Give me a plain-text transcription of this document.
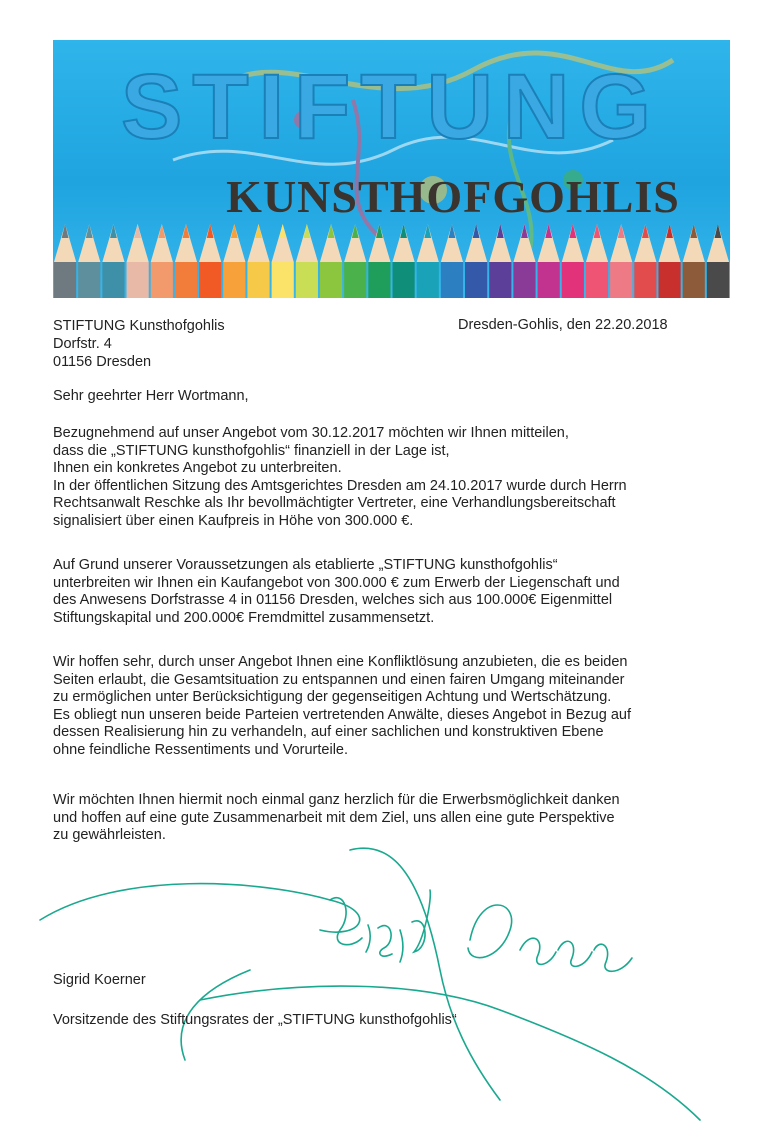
STIFTUNG
KUNSTHOFGOHLIS
STIFTUNG Kunsthofgohlis
Dorfstr. 4
01156 Dresden
Dresden-Gohlis, den 22.20.2018
Sehr geehrter Herr Wortmann,
Bezugnehmend auf unser Angebot vom 30.12.2017 möchten wir Ihnen mitteilen,
dass die „STIFTUNG kunsthofgohlis“ finanziell in der Lage ist,
Ihnen ein konkretes Angebot zu unterbreiten.
In der öffentlichen Sitzung des Amtsgerichtes Dresden am 24.10.2017 wurde durch Herrn
Rechtsanwalt Reschke als Ihr bevollmächtigter Vertreter, eine Verhandlungsbereitschaft
signalisiert über einen Kaufpreis in Höhe von 300.000 €.
Auf Grund unserer Voraussetzungen als etablierte „STIFTUNG kunsthofgohlis“
unterbreiten wir Ihnen ein Kaufangebot von 300.000 € zum Erwerb der Liegenschaft und
des Anwesens Dorfstrasse 4 in 01156 Dresden, welches sich aus 100.000€ Eigenmittel
Stiftungskapital und 200.000€ Fremdmittel zusammensetzt.
Wir hoffen sehr, durch unser Angebot Ihnen eine Konfliktlösung anzubieten, die es beiden
Seiten erlaubt, die Gesamtsituation zu entspannen und einen fairen Umgang miteinander
zu ermöglichen unter Berücksichtigung der gegenseitigen Achtung und Wertschätzung.
Es obliegt nun unseren beide Parteien vertretenden Anwälte, dieses Angebot in Bezug auf
dessen Realisierung hin zu verhandeln, auf einer sachlichen und konstruktiven Ebene
ohne feindliche Ressentiments und Vorurteile.
Wir möchten Ihnen hiermit noch einmal ganz herzlich für die Erwerbsmöglichkeit danken
und hoffen auf eine gute Zusammenarbeit mit dem Ziel, uns allen eine gute Perspektive
zu gewährleisten.
Sigrid Koerner
Vorsitzende des Stiftungsrates der „STIFTUNG kunsthofgohlis“
